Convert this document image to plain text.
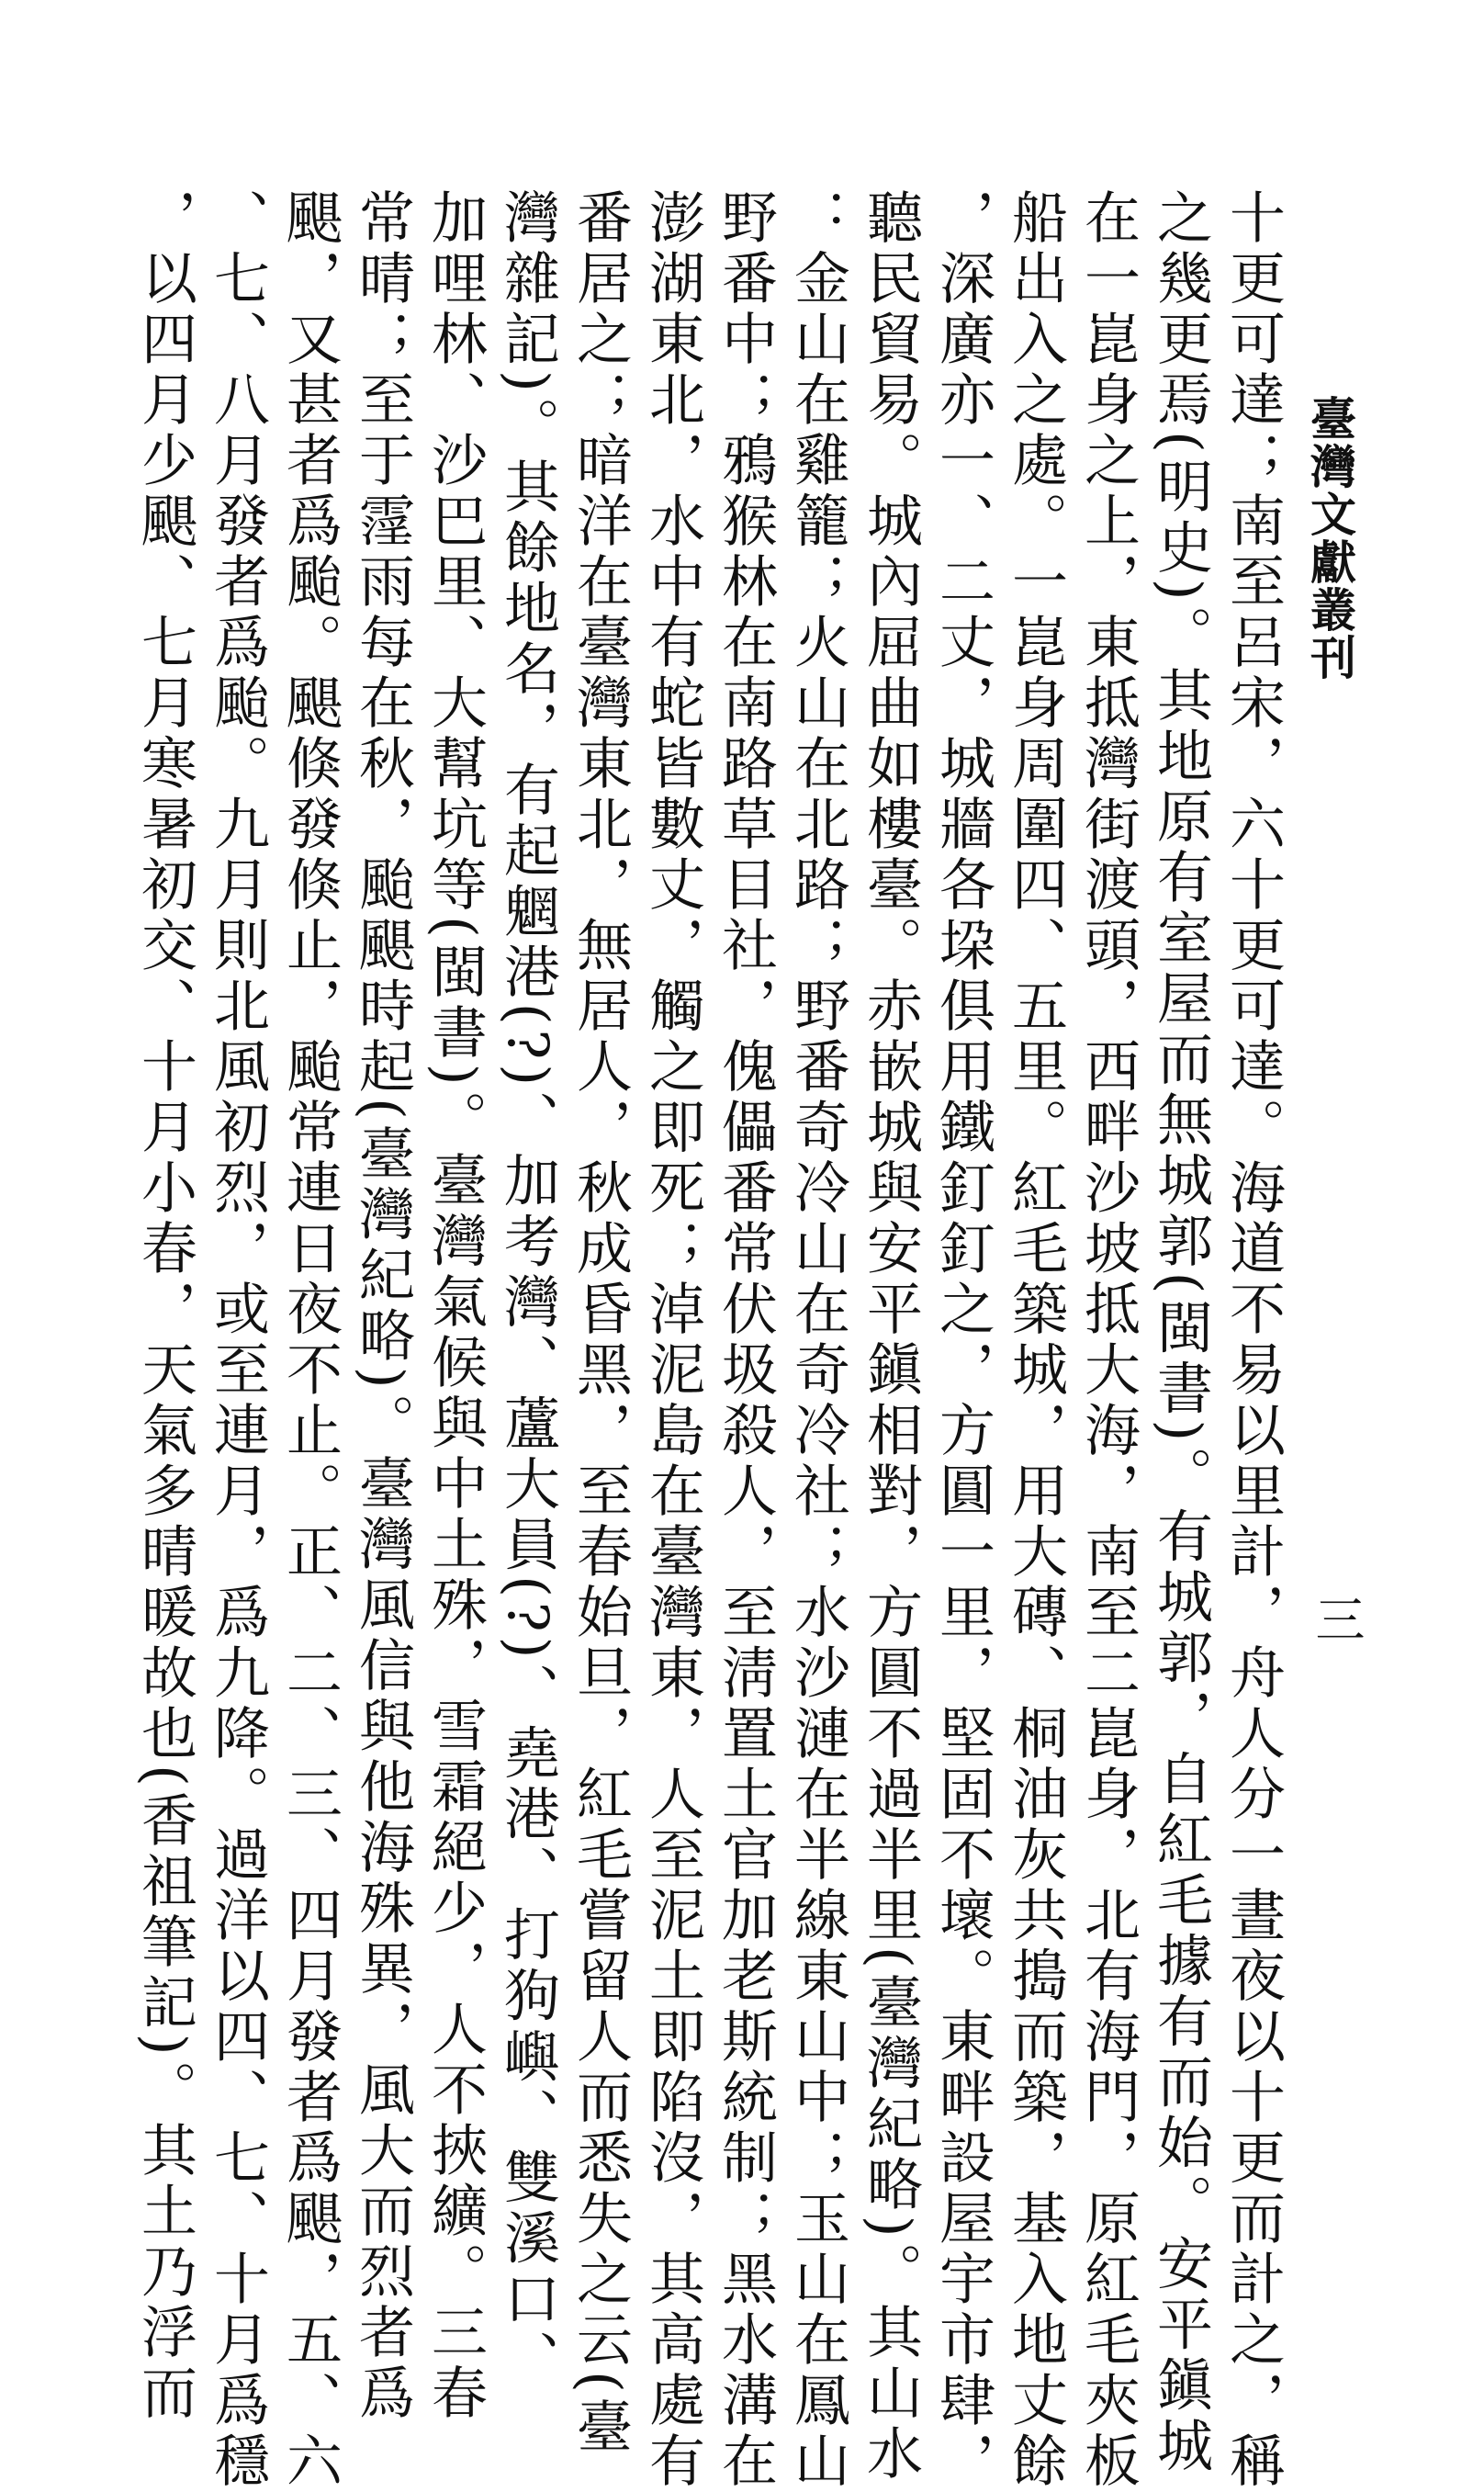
臺灣文獻叢刊
三
十更可達；南至呂宋，六十更可達。海道不易以里計，舟人分一晝夜以十更而計之，稱
之幾更焉(明史)。其地原有室屋而無城郭(閩書)。有城郭，自紅毛據有而始。安平鎭城
在一崑身之上，東抵灣街渡頭，西畔沙坡抵大海，南至二崑身，北有海門，原紅毛夾板
船出入之處。一崑身周圍四、五里。紅毛築城，用大磚、桐油灰共搗而築，基入地丈餘
，深廣亦一、二丈，城牆各垜俱用鐵釘釘之，方圓一里，堅固不壞。東畔設屋宇市肆，
聽民貿易。城內屈曲如樓臺。赤嵌城與安平鎭相對，方圓不過半里(臺灣紀略)。其山水
：金山在雞籠；火山在北路；野番奇冷山在奇冷社；水沙漣在半線東山中；玉山在鳳山
野番中；鴉猴林在南路草目社，傀儡番常伏圾殺人，至淸置土官加老斯統制；黑水溝在
澎湖東北，水中有蛇皆數丈，觸之即死；淖泥島在臺灣東，人至泥土即陷沒，其高處有
番居之；暗洋在臺灣東北，無居人，秋成昏黑，至春始旦，紅毛嘗留人而悉失之云(臺
灣雜記)。其餘地名，有起魍港(?)、加考灣、蘆大員(?)、堯港、打狗嶼、雙溪口、
加哩林、沙巴里、大幫坑等(閩書)。臺灣氣候與中土殊，雪霜絕少，人不挾纊。三春
常晴；至于霪雨每在秋，颱颶時起(臺灣紀略)。臺灣風信與他海殊異，風大而烈者爲
颶，又甚者爲颱。颶倏發倏止，颱常連日夜不止。正、二、三、四月發者爲颶，五、六
、七、八月發者爲颱。九月則北風初烈，或至連月，爲九降。過洋以四、七、十月爲穩
，以四月少颶、七月寒暑初交、十月小春，天氣多晴暖故也(香祖筆記)。其土乃浮而
